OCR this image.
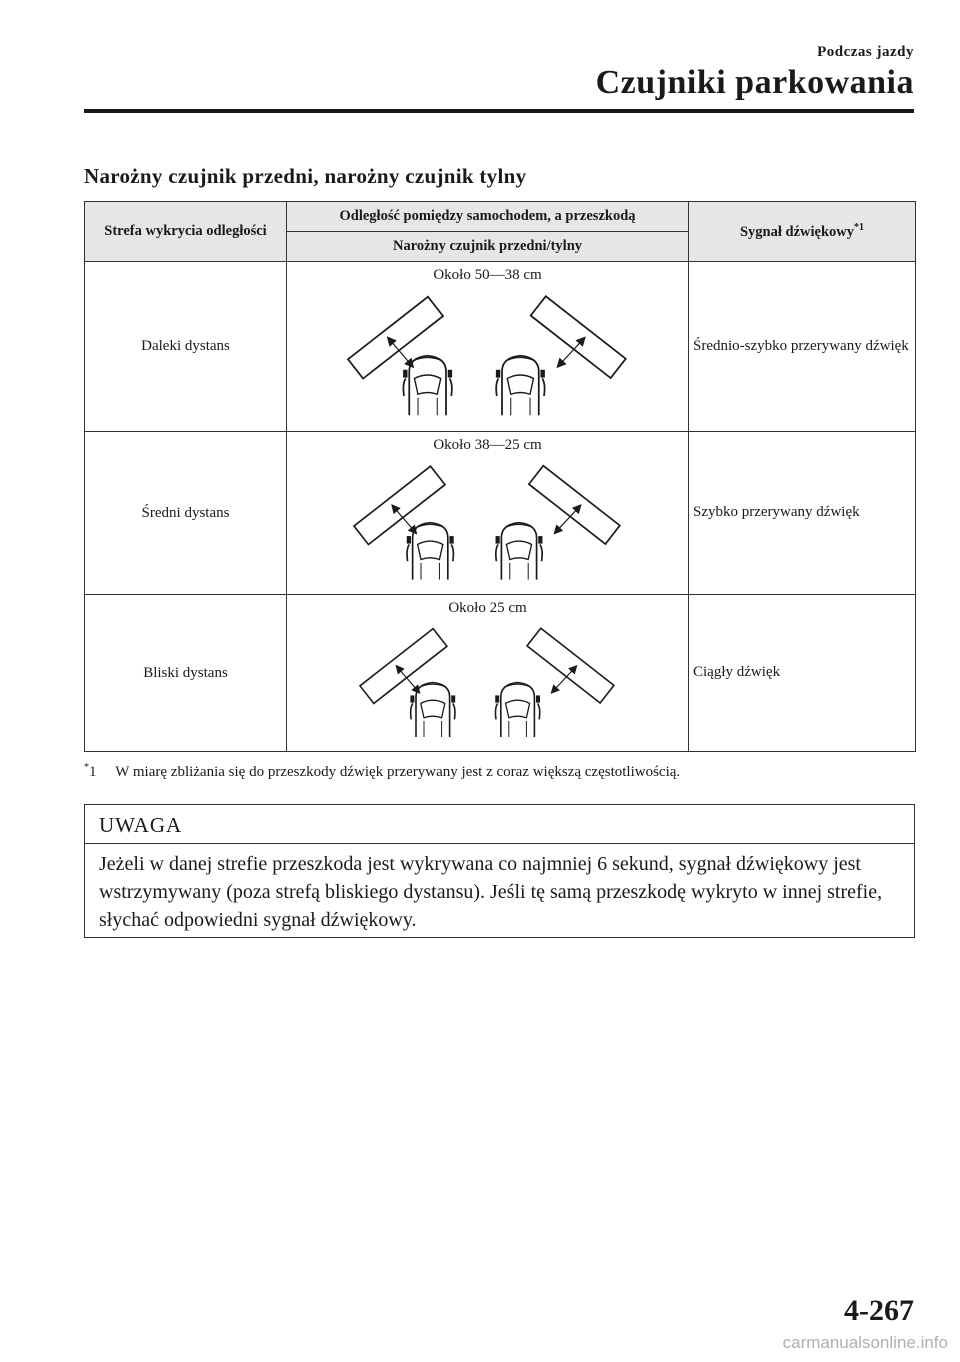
Podczas jazdy
Czujniki parkowania
Narożny czujnik przedni, narożny czujnik tylny
Strefa wykrycia odległości	Odległość pomiędzy samochodem, a przeszkodą	Sygnał dźwiękowy$^{*1}$
	Narożny czujnik przedni/tylny	
Daleki dystans	Około 50―38 cm	Średnio-szybko przerywany dźwięk
Średni dystans	Około 38―25 cm	Szybko przerywany dźwięk
Bliski dystans	Około 25 cm	Ciągły dźwięk
*1 W miarę zbliżania się do przeszkody dźwięk przerywany jest z coraz większą częstotliwością.
UWAGA
Jeżeli w danej strefie przeszkoda jest wykrywana co najmniej 6 sekund, sygnał dźwiękowy jest wstrzymywany (poza strefą bliskiego dystansu). Jeśli tę samą przeszkodę wykryto w innej strefie, słychać odpowiedni sygnał dźwiękowy.
4-267
carmanualsonline.info
